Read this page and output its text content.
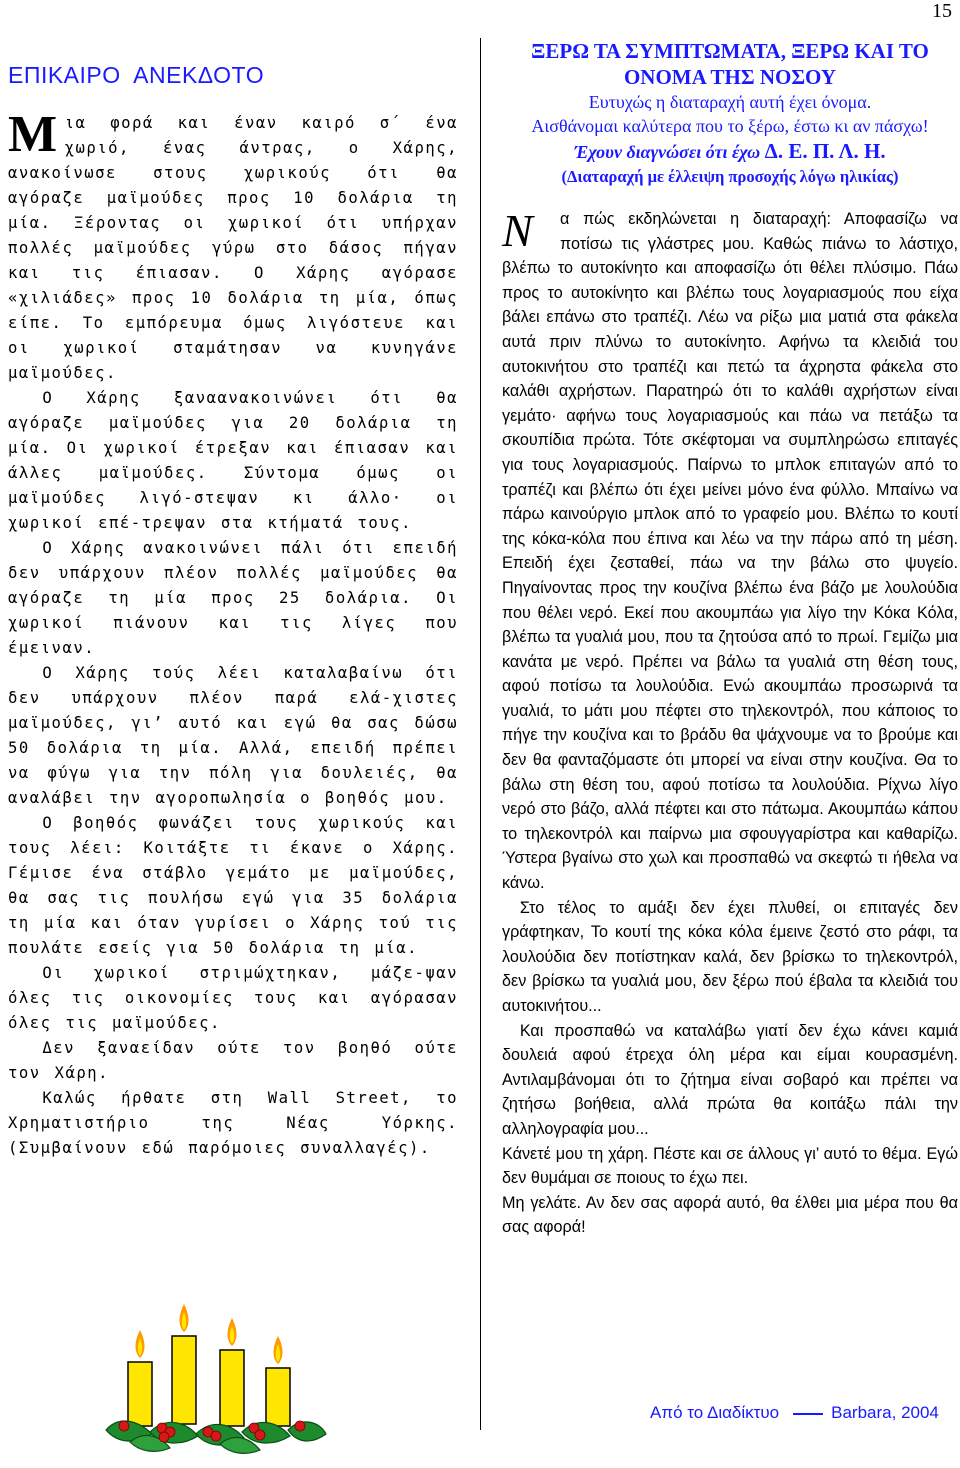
15
ΕΠΙΚΑΙΡΟ  ΑΝΕΚΔΟΤΟ

Μια φορά και έναν καιρό σ΄ ένα χωριό, ένας άντρας, ο Χάρης, ανακοίνωσε στους χωρικούς ότι θα αγόραζε μαϊμούδες προς 10 δολάρια τη μία. Ξέροντας οι χωρικοί ότι υπήρχαν πολλές μαϊμούδες γύρω στο δάσος πήγαν και τις έπιασαν. Ο Χάρης αγόρασε «χιλιάδες» προς 10 δολάρια τη μία, όπως είπε. Το εμπόρευμα όμως λιγόστευε και οι χωρικοί σταμάτησαν να κυνηγάνε μαϊμούδες.

Ο Χάρης ξαναανακοινώνει ότι θα αγόραζε μαϊμούδες για 20 δολάρια τη μία. Οι χωρικοί έτρεξαν και έπιασαν και άλλες μαϊμούδες. Σύντομα όμως οι μαϊμούδες λιγό-στεψαν κι άλλο· οι χωρικοί επέ-τρεψαν στα κτήματά τους.

Ο Χάρης ανακοινώνει πάλι ότι επειδή δεν υπάρχουν πλέον πολλές μαϊμούδες θα αγόραζε τη μία προς 25 δολάρια. Οι χωρικοί πιάνουν και τις λίγες που έμειναν.

Ο Χάρης τούς λέει καταλαβαίνω ότι δεν υπάρχουν πλέον παρά ελά-χιστες μαϊμούδες, γι’ αυτό και εγώ θα σας δώσω 50 δολάρια τη μία. Αλλά, επειδή πρέπει να φύγω για την πόλη για δουλειές, θα αναλάβει την αγοροπωλησία ο βοηθός μου.

Ο βοηθός φωνάζει τους χωρικούς και τους λέει: Κοιτάξτε τι έκανε ο Χάρης. Γέμισε ένα στάβλο γεμάτο με μαϊμούδες, θα σας τις πουλήσω εγώ για 35 δολάρια τη μία και όταν γυρίσει ο Χάρης τού τις πουλάτε εσείς για 50 δολάρια τη μία.

Οι χωρικοί στριμώχτηκαν, μάζε-ψαν όλες τις οικονομίες τους και αγόρασαν όλες τις μαϊμούδες.

Δεν ξαναείδαν ούτε τον βοηθό ούτε τον Χάρη.

Καλώς ήρθατε στη Wall Street, το Χρηματιστήριο της Νέας Υόρκης. (Συμβαίνουν εδώ παρόμοιες συναλλαγές).

ΞΕΡΩ ΤΑ ΣΥΜΠΤΩΜΑΤΑ, ΞΕΡΩ ΚΑΙ ΤΟ ΟΝΟΜΑ ΤΗΣ ΝΟΣΟΥ

Ευτυχώς η διαταραχή αυτή έχει όνομα.

Αισθάνομαι καλύτερα που το ξέρω, έστω κι αν πάσχω!

Έχουν διαγνώσει ότι έχω Δ. Ε. Π. Λ. Η.

(Διαταραχή με έλλειψη προσοχής λόγω ηλικίας)

Ν	α πώς εκδηλώνεται η διαταραχή: Αποφασίζω να ποτίσω τις γλάστρες μου. Καθώς πιάνω το λάστιχο, βλέπω το αυτοκίνητο και αποφασίζω ότι θέλει πλύσιμο. Πάω προς το αυτοκίνητο και βλέπω τους λογαριασμούς που είχα βάλει επάνω στο τραπέζι. Λέω να ρίξω μια ματιά στα φάκελα αυτά πριν πλύνω το αυτοκίνητο. Αφήνω τα κλειδιά του αυτοκινήτου στο τραπέζι και πετώ τα άχρηστα φάκελα στο καλάθι αχρήστων. Παρατηρώ ότι το καλάθι αχρήστων είναι γεμάτο· αφήνω τους λογαριασμούς και πάω να πετάξω τα σκουπίδια πρώτα. Τότε σκέφτομαι να συμπληρώσω επιταγές για τους λογαριασμούς. Παίρνω το μπλοκ επιταγών από το τραπέζι και βλέπω ότι έχει μείνει μόνο ένα φύλλο. Μπαίνω να πάρω καινούργιο μπλοκ από το γραφείο μου. Βλέπω το κουτί της κόκα-κόλα που έπινα και λέω να την πάρω από τη μέση. Επειδή έχει ζεσταθεί, πάω να την βάλω στο ψυγείο. Πηγαίνοντας προς την κουζίνα βλέπω ένα βάζο με λουλούδια που θέλει νερό. Εκεί που ακουμπάω για λίγο την Κόκα Κόλα, βλέπω τα γυαλιά μου, που τα ζητούσα από το πρωί. Γεμίζω μια κανάτα με νερό. Πρέπει να βάλω τα γυαλιά στη θέση τους, αφού ποτίσω τα λουλούδια. Ενώ ακουμπάω προσωρινά τα γυαλιά, το μάτι μου πέφτει στο τηλεκοντρόλ, που κάποιος το πήγε την κουζίνα και το βράδυ θα ψάχνουμε να το βρούμε και δεν θα φανταζόμαστε ότι μπορεί να είναι στην κουζίνα. Θα το βάλω στη θέση του, αφού ποτίσω τα λουλούδια. Ρίχνω λίγο νερό στο βάζο, αλλά πέφτει και στο πάτωμα. Ακουμπάω κάπου το τηλεκοντρόλ και παίρνω μια σφουγγαρίστρα και καθαρίζω. Ύστερα βγαίνω στο χωλ και προσπαθώ να σκεφτώ τι ήθελα να κάνω.

Στο τέλος το αμάξι δεν έχει πλυθεί, οι επιταγές δεν γράφτηκαν, Το κουτί της κόκα κόλα έμεινε ζεστό στο ράφι, τα λουλούδια δεν ποτίστηκαν καλά, δεν βρίσκω το τηλεκοντρόλ, δεν βρίσκω τα γυαλιά μου, δεν ξέρω πού έβαλα τα κλειδιά του αυτοκινήτου...

Και προσπαθώ να καταλάβω γιατί δεν έχω κάνει καμιά δουλειά αφού έτρεχα όλη μέρα και είμαι κουρασμένη. Αντιλαμβάνομαι ότι το ζήτημα είναι σοβαρό και πρέπει να ζητήσω βοήθεια, αλλά πρώτα θα κοιτάξω πάλι την αλληλογραφία μου...

Κάνετέ μου τη χάρη. Πέστε και σε άλλους γι’ αυτό το θέμα. Εγώ δεν θυμάμαι σε ποιους το έχω πει.

Μη γελάτε. Αν δεν σας αφορά αυτό, θα έλθει μια μέρα που θα σας αφορά!

Από το Διαδίκτυο	Barbara, 2004
